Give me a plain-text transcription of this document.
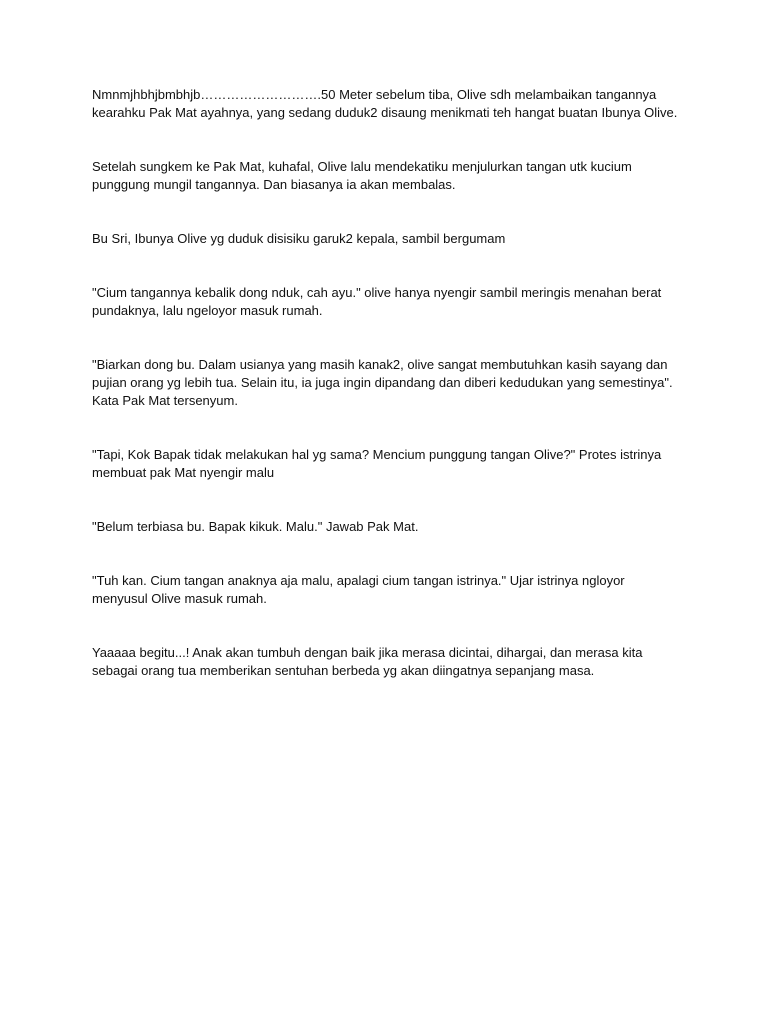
Nmnmjhbhjbmbhjb……………………….50 Meter sebelum tiba, Olive sdh melambaikan tangannya
kearahku Pak Mat ayahnya, yang sedang duduk2 disaung menikmati teh hangat buatan Ibunya Olive.

Setelah sungkem ke Pak Mat, kuhafal, Olive lalu mendekatiku menjulurkan tangan utk kucium
punggung mungil tangannya. Dan biasanya ia akan membalas.

Bu Sri, Ibunya Olive yg duduk disisiku garuk2 kepala, sambil bergumam

"Cium tangannya kebalik dong nduk, cah ayu." olive hanya nyengir sambil meringis menahan berat
pundaknya, lalu ngeloyor masuk rumah.

"Biarkan dong bu. Dalam usianya yang masih kanak2, olive sangat membutuhkan kasih sayang dan
pujian orang yg lebih tua. Selain itu, ia juga ingin dipandang dan diberi kedudukan yang semestinya".
Kata Pak Mat tersenyum.

"Tapi, Kok Bapak tidak melakukan hal yg sama? Mencium punggung tangan Olive?" Protes istrinya
membuat pak Mat nyengir malu

"Belum terbiasa bu. Bapak kikuk. Malu." Jawab Pak Mat.

"Tuh kan. Cium tangan anaknya aja malu, apalagi cium tangan istrinya." Ujar istrinya ngloyor
menyusul Olive masuk rumah.

Yaaaaa begitu...! Anak akan tumbuh dengan baik jika merasa dicintai, dihargai, dan merasa kita
sebagai orang tua memberikan sentuhan berbeda yg akan diingatnya sepanjang masa.
